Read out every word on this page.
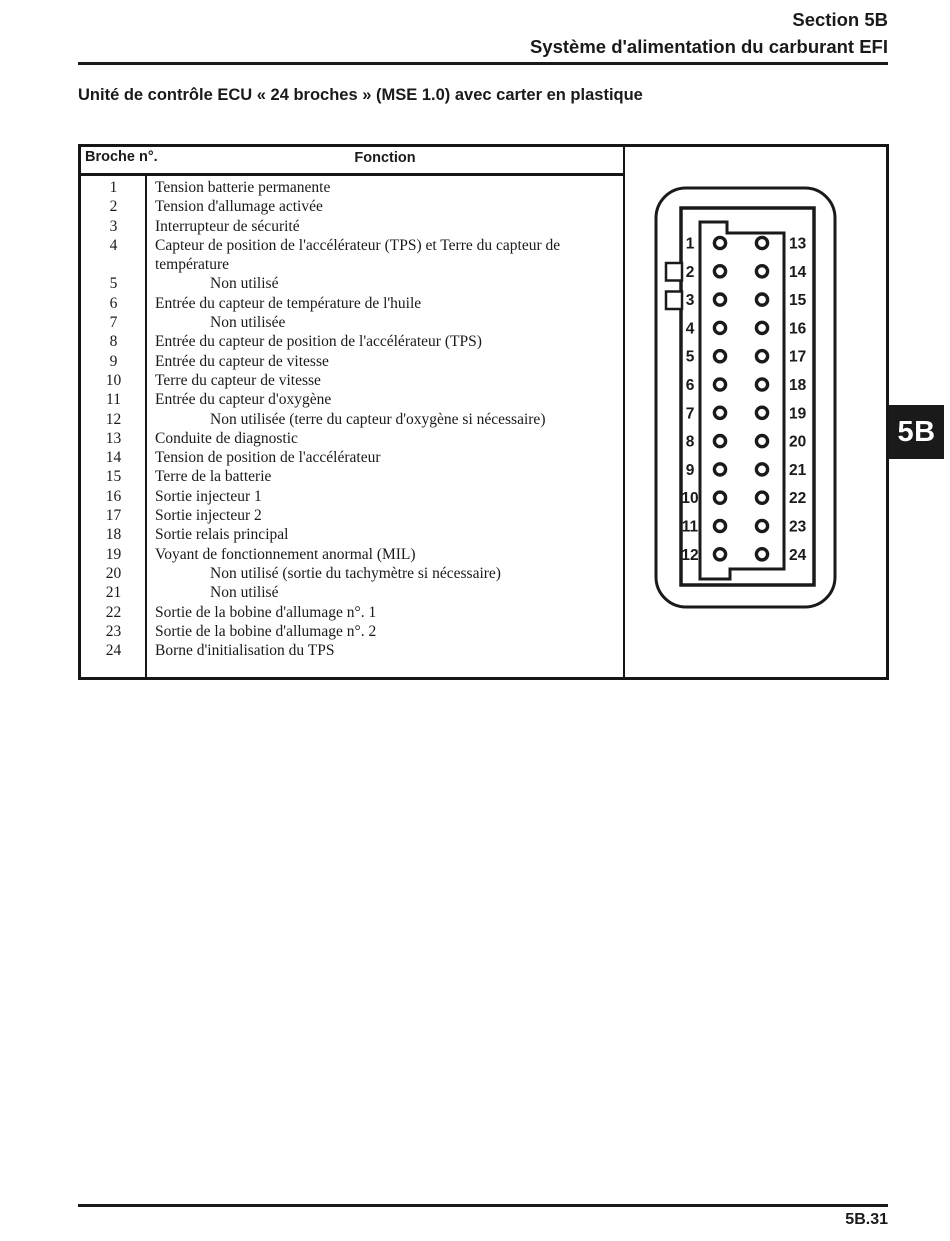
Section 5B
Système d'alimentation du carburant EFI
Unité de contrôle ECU « 24 broches » (MSE 1.0) avec carter en plastique
Broche n°.	Fonction
1	Tension batterie permanente
2	Tension d'allumage activée
3	Interrupteur de sécurité
4	Capteur de position de l'accélérateur (TPS) et Terre du capteur de température
5	Non utilisé
6	Entrée du capteur de température de l'huile
7	Non utilisée
8	Entrée du capteur de position de l'accélérateur (TPS)
9	Entrée du capteur de vitesse
10	Terre du capteur de vitesse
11	Entrée du capteur d'oxygène
12	Non utilisée (terre du capteur d'oxygène si nécessaire)
13	Conduite de diagnostic
14	Tension de position de l'accélérateur
15	Terre de la batterie
16	Sortie injecteur 1
17	Sortie injecteur 2
18	Sortie relais principal
19	Voyant de fonctionnement anormal (MIL)
20	Non utilisé (sortie du tachymètre si nécessaire)
21	Non utilisé
22	Sortie de la bobine d'allumage n°. 1
23	Sortie de la bobine d'allumage n°. 2
24	Borne d'initialisation du TPS
1
2
3
4
5
6
7
8
9
10
11
12
13
14
15
16
17
18
19
20
21
22
23
24
5B
5B.31
